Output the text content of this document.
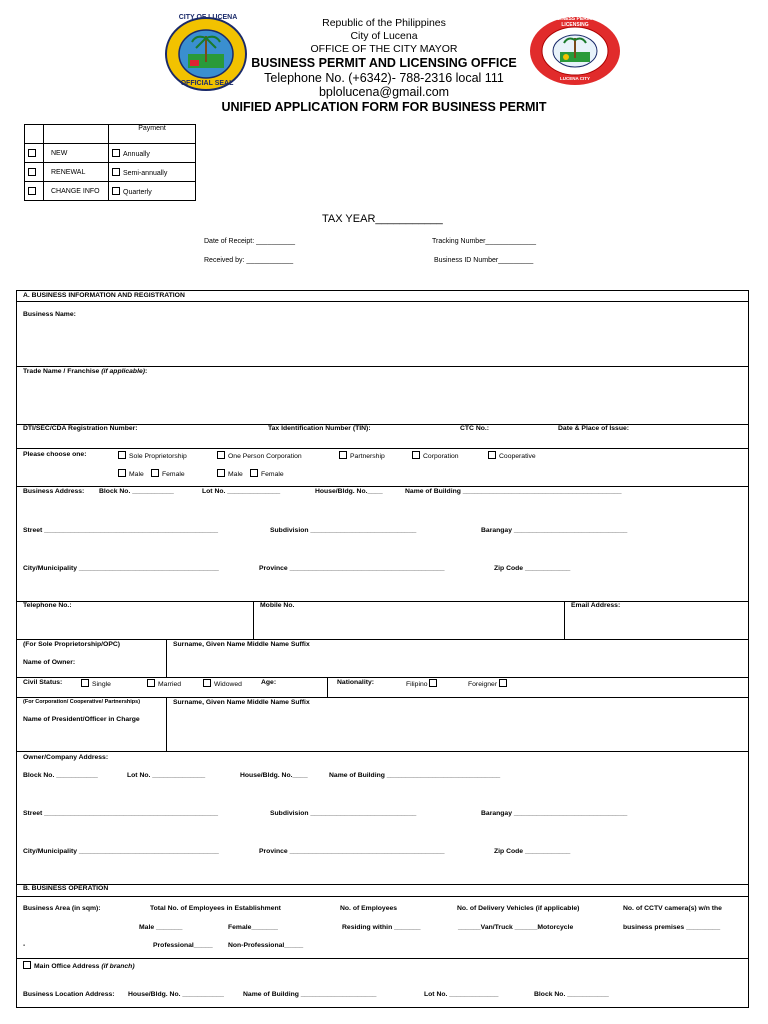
Republic of the Philippines
City of Lucena
OFFICE OF THE CITY MAYOR
BUSINESS PERMIT AND LICENSING OFFICE
Telephone No. (+6342)- 788-2316 local 111
bplolucena@gmail.com
UNIFIED APPLICATION FORM FOR BUSINESS PERMIT
CITY OF LUCENA
OFFICIAL SEAL
BUSINESS PERMIT & LICENSING
LUCENA CITY
		Payment
	NEW	Annually
	RENEWAL	Semi-annually
	CHANGE INFO	Quarterly
TAX YEAR___________
Date of Receipt: __________
Received by: ____________
Tracking Number_____________
Business ID Number_________
A. BUSINESS INFORMATION AND REGISTRATION
Business Name:
Trade Name / Franchise (if applicable):
DTI/SEC/CDA Registration Number:	Tax Identification Number (TIN):	CTC No.:	Date & Place of Issue:
Please choose one:	Sole Proprietorship	One Person Corporation	Partnership	Corporation	Cooperative
Male	Female	Male	Female
Business Address: Block No. ___________	Lot No. ______________	House/Bldg. No.____	Name of Building __________________________________________
Street ______________________________________________	Subdivision ____________________________	Barangay ______________________________
City/Municipality _____________________________________	Province _________________________________________	Zip Code ____________
Telephone No.:	Mobile No.	Email Address:
(For Sole Proprietorship/OPC)	Surname, Given Name Middle Name Suffix
Name of Owner:
Civil Status:	Single	Married	Widowed	Age:	Nationality:	Filipino	Foreigner
(For Corporation/ Cooperative/ Partnerships)	Surname, Given Name Middle Name Suffix
Name of President/Officer in Charge
Owner/Company Address:
Block No. ___________	Lot No. ______________	House/Bldg. No.____	Name of Building ______________________________
Street ______________________________________________	Subdivision ____________________________	Barangay ______________________________
City/Municipality _____________________________________	Province _________________________________________	Zip Code ____________
B. BUSINESS OPERATION
Business Area (in sqm):	Total No. of Employees in Establishment	No. of Employees	No. of Delivery Vehicles (if applicable)	No. of CCTV camera(s) w/n the
Male _______	Female_______	Residing within _______	______Van/Truck ______Motorcycle	business premises _________
-	Professional_____ Non-Professional_____
Main Office Address (if branch)
Business Location Address: House/Bldg. No. ___________	Name of Building ____________________	Lot No. _____________	Block No. ___________
